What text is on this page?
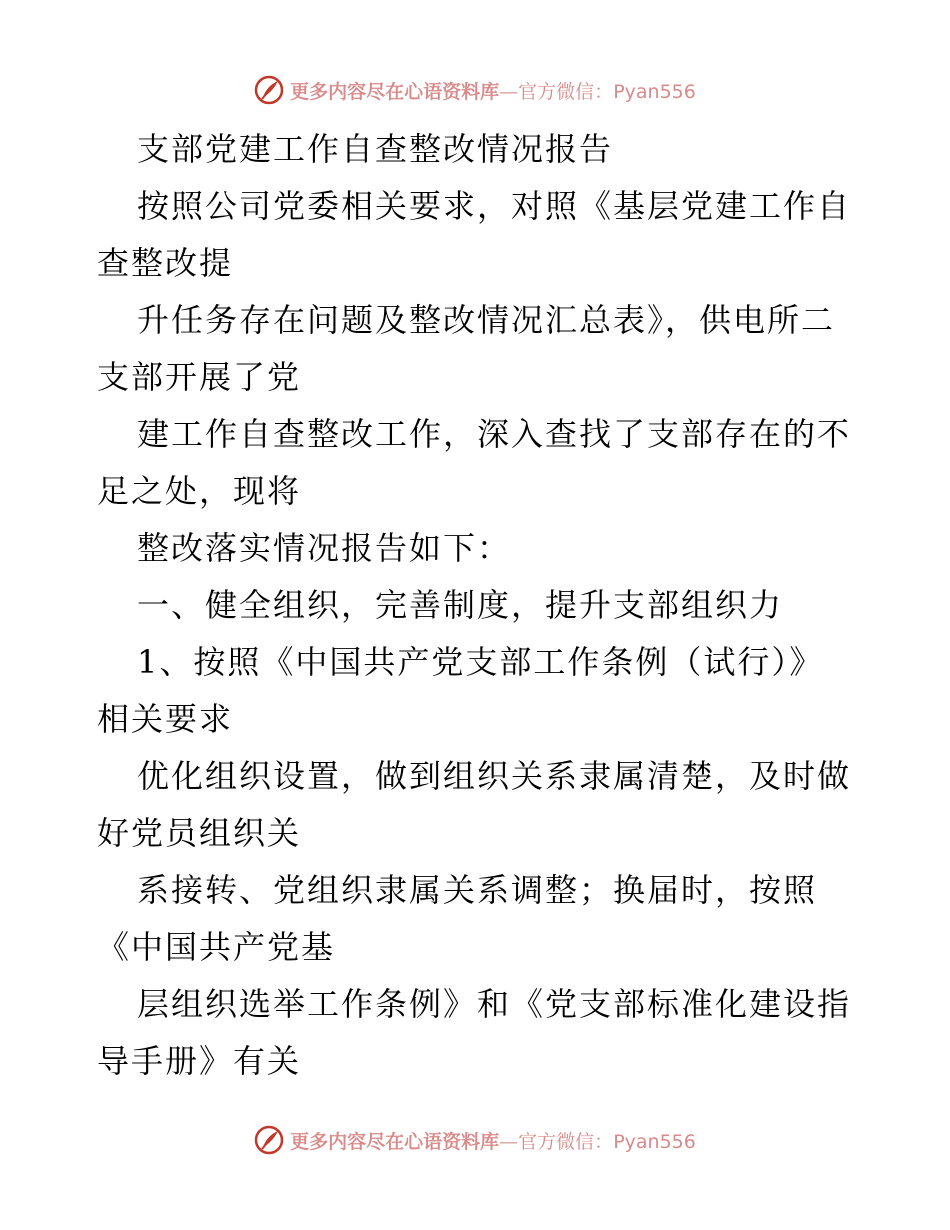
更多内容尽在心语资料库—官方微信：Pyan556
支部党建工作自查整改情况报告
按照公司党委相关要求，对照《基层党建工作自
查整改提
升任务存在问题及整改情况汇总表》，供电所二
支部开展了党
建工作自查整改工作，深入查找了支部存在的不
足之处，现将
整改落实情况报告如下：
一、健全组织，完善制度，提升支部组织力
1、按照《中国共产党支部工作条例（试行）》
相关要求
优化组织设置，做到组织关系隶属清楚，及时做
好党员组织关
系接转、党组织隶属关系调整；换届时，按照
《中国共产党基
层组织选举工作条例》和《党支部标准化建设指
导手册》有关
更多内容尽在心语资料库—官方微信：Pyan556
